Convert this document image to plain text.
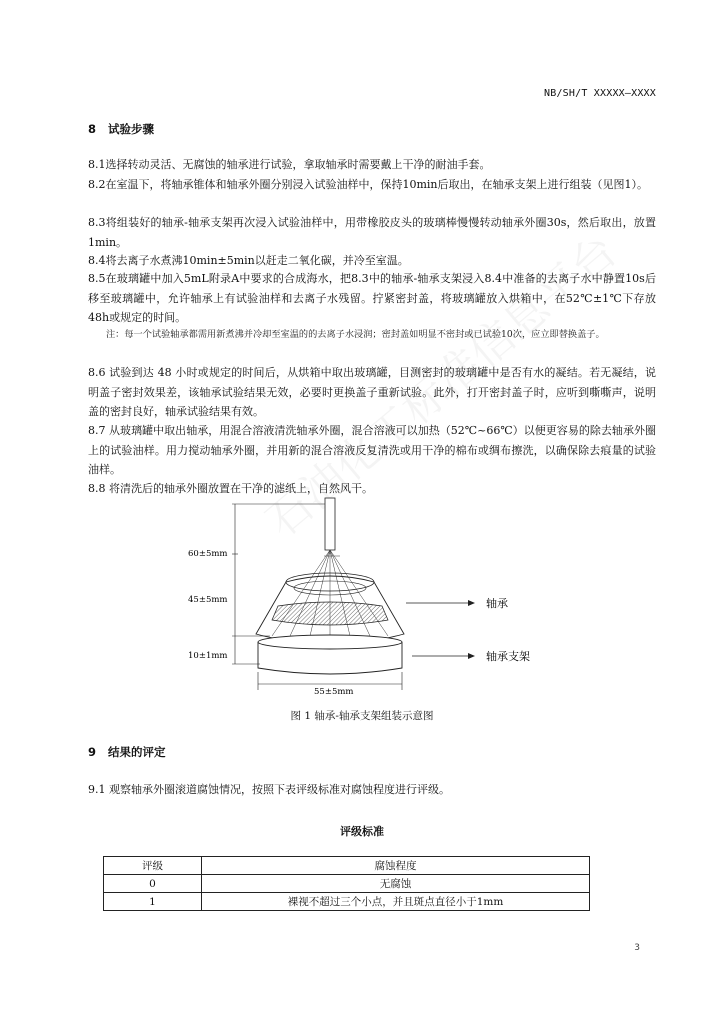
NB/SH/T XXXXX—XXXX
8 试验步骤
8.1选择转动灵活、无腐蚀的轴承进行试验，拿取轴承时需要戴上干净的耐油手套。
8.2在室温下，将轴承锥体和轴承外圈分别浸入试验油样中，保持10min后取出，在轴承支架上进行组装（见图1）。
8.3将组装好的轴承-轴承支架再次浸入试验油样中，用带橡胶皮头的玻璃棒慢慢转动轴承外圈30s，然后取出，放置1min。
8.4将去离子水煮沸10min±5min以赶走二氧化碳，并冷至室温。
8.5在玻璃罐中加入5mL附录A中要求的合成海水，把8.3中的轴承-轴承支架浸入8.4中准备的去离子水中静置10s后移至玻璃罐中，允许轴承上有试验油样和去离子水残留。拧紧密封盖，将玻璃罐放入烘箱中，在52℃±1℃下存放48h或规定的时间。
注：每一个试验轴承都需用新煮沸并冷却至室温的的去离子水浸润；密封盖如明显不密封或已试验10次，应立即替换盖子。
8.6 试验到达 48 小时或规定的时间后，从烘箱中取出玻璃罐，目测密封的玻璃罐中是否有水的凝结。若无凝结，说明盖子密封效果差，该轴承试验结果无效，必要时更换盖子重新试验。此外，打开密封盖子时，应听到嘶嘶声，说明盖的密封良好，轴承试验结果有效。
8.7 从玻璃罐中取出轴承，用混合溶液清洗轴承外圈，混合溶液可以加热（52℃~66℃）以便更容易的除去轴承外圈上的试验油样。用力搅动轴承外圈，并用新的混合溶液反复清洗或用干净的棉布或绸布擦洗，以确保除去痕量的试验油样。
8.8 将清洗后的轴承外圈放置在干净的滤纸上，自然风干。
60±5mm
45±5mm
10±1mm
55±5mm
轴承
轴承支架
图 1 轴承-轴承支架组装示意图
9 结果的评定
9.1 观察轴承外圈滚道腐蚀情况，按照下表评级标准对腐蚀程度进行评级。
评级标准
评级	腐蚀程度
0	无腐蚀
1	裸视不超过三个小点，并且斑点直径小于1mm
3
